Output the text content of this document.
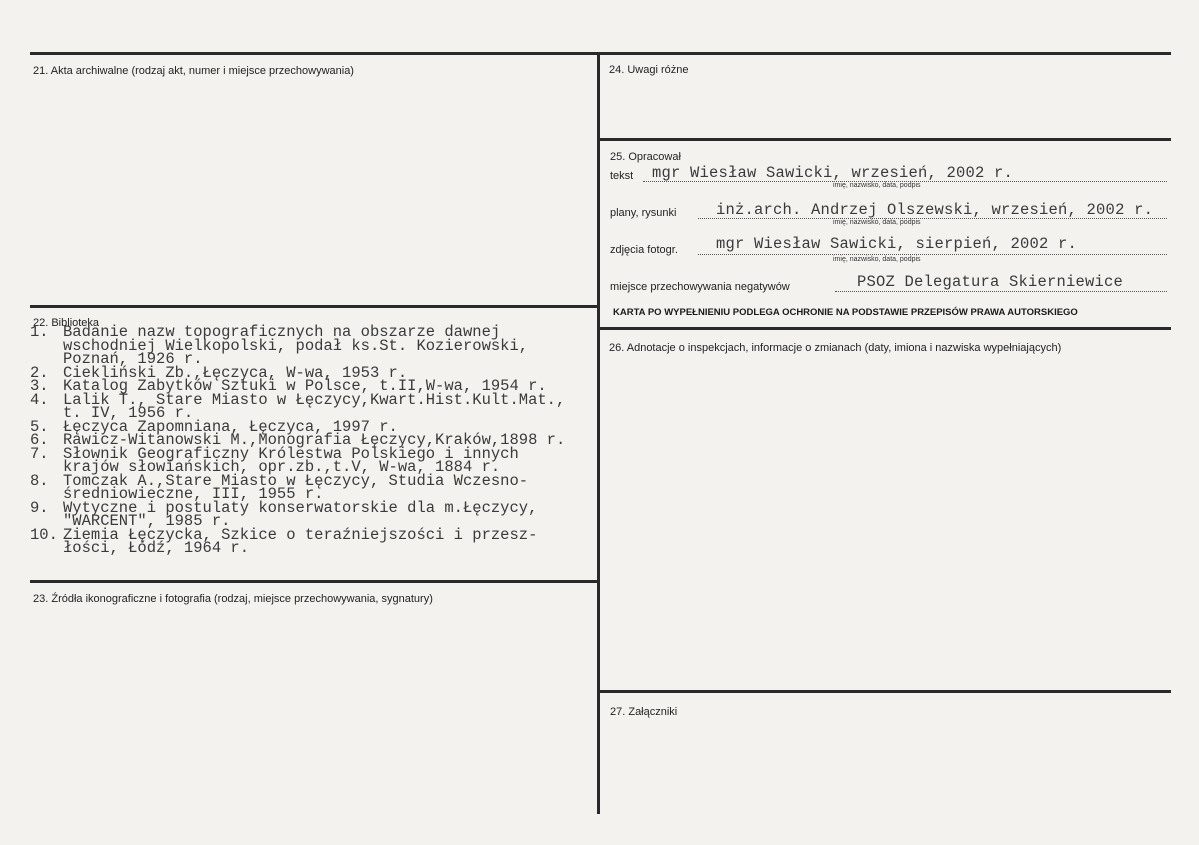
21. Akta archiwalne (rodzaj akt, numer i miejsce przechowywania)
22. Biblioteka
1. Badanie nazw topograficznych na obszarze dawnej
wschodniej Wielkopolski, podał ks.St. Kozierowski,
Poznań, 1926 r.
2. Ciekliński Zb.,Łęczyca, W-wa, 1953 r.
3. Katalog Zabytków Sztuki w Polsce, t.II,W-wa, 1954 r.
4. Lalik T., Stare Miasto w Łęczycy,Kwart.Hist.Kult.Mat.,
t. IV, 1956 r.
5. Łęczyca Zapomniana, Łęczyca, 1997 r.
6. Rawicz-Witanowski M.,Monografia Łęczycy,Kraków,1898 r.
7. Słownik Geograficzny Królestwa Polskiego i innych
krajów słowiańskich, opr.zb.,t.V, W-wa, 1884 r.
8. Tomczak A.,Stare Miasto w Łęczycy, Studia Wczesno-
średniowieczne, III, 1955 r.
9. Wytyczne i postulaty konserwatorskie dla m.Łęczycy,
"WARCENT", 1985 r.
10. Ziemia Łęczycka, Szkice o teraźniejszości i przesz-
łości, Łódź, 1964 r.
23. Źródła ikonograficzne i fotografia (rodzaj, miejsce przechowywania, sygnatury)
24. Uwagi różne
25. Opracował
tekst mgr Wiesław Sawicki, wrzesień, 2002 r.
imię, nazwisko, data, podpis
plany, rysunki	inż.arch. Andrzej Olszewski, wrzesień, 2002 r.
imię, nazwisko, data, podpis
zdjęcia fotogr. mgr Wiesław Sawicki, sierpień, 2002 r.
imię, nazwisko, data, podpis
miejsce przechowywania negatywów	PSOZ Delegatura Skierniewice
KARTA PO WYPEŁNIENIU PODLEGA OCHRONIE NA PODSTAWIE PRZEPISÓW PRAWA AUTORSKIEGO
26. Adnotacje o inspekcjach, informacje o zmianach (daty, imiona i nazwiska wypełniających)
27. Załączniki
